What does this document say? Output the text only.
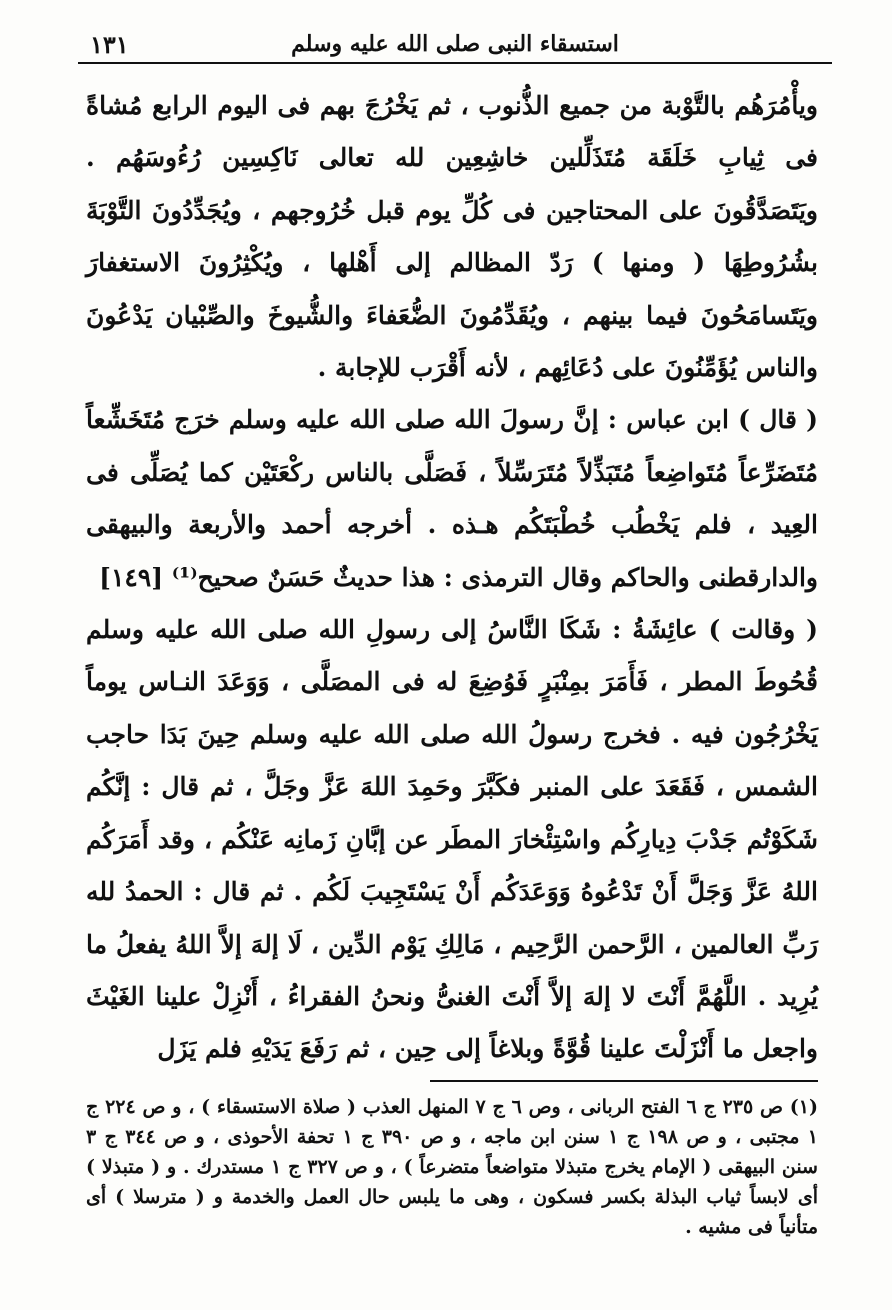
استسقاء النبى صلى الله عليه وسلم
١٣١

ويأْمُرَهُم بالتَّوْبة من جميع الذُّنوب ، ثم يَخْرُجَ بهم فى اليوم الرابع مُشاةً فى ثِيابِ خَلَقَة مُتَذَلِّلين خاشِعِين لله تعالى نَاكِسِين رُءُوسَهُم . ويَتَصَدَّقُونَ على المحتاجين فى كُلِّ يوم قبل خُرُوجهم ، ويُجَدِّدُونَ التَّوْبَةَ بشُرُوطِهَا ( ومنها ) رَدّ المظالم إلى أَهْلها ، ويُكْثِرُونَ الاستغفارَ ويَتَسامَحُونَ فيما بينهم ، ويُقَدِّمُونَ الضُّعَفاءَ والشُّيوخَ والصِّبْيان يَدْعُونَ والناس يُؤَمِّنُونَ على دُعَائِهم ، لأنه أَقْرَب للإجابة .

( قال ) ابن عباس : إنَّ رسولَ الله صلى الله عليه وسلم خرَج مُتَخَشِّعاً مُتَضَرِّعاً مُتَواضِعاً مُتَبَذِّلاً مُتَرَسِّلاً ، فَصَلَّى بالناس ركْعَتَيْن كما يُصَلِّى فى العِيد ، فلم يَخْطُب خُطْبَتَكُم هـذه . أخرجه أحمد والأربعة والبيهقى والدارقطنى والحاكم وقال الترمذى : هذا حديثٌ حَسَنٌ صحيح⁽¹⁾ [١٤٩]

( وقالت ) عائِشَةُ : شَكَا النَّاسُ إلى رسولِ الله صلى الله عليه وسلم قُحُوطَ المطر ، فَأَمَرَ بمِنْبَرٍ فَوُضِعَ له فى المصَلَّى ، وَوَعَدَ النـاس يوماً يَخْرُجُون فيه . فخرج رسولُ الله صلى الله عليه وسلم حِينَ بَدَا حاجب الشمس ، فَقَعَدَ على المنبر فكَبَّرَ وحَمِدَ اللهَ عَزَّ وجَلَّ ، ثم قال : إنَّكُم شَكَوْتُم جَدْبَ دِيارِكُم واسْتِئْخارَ المطَر عن إبَّانِ زَمانِه عَنْكُم ، وقد أَمَرَكُم اللهُ عَزَّ وَجَلَّ أَنْ تَدْعُوهُ وَوَعَدَكُم أَنْ يَسْتَجِيبَ لَكُم . ثم قال : الحمدُ لله رَبِّ العالمين ، الرَّحمن الرَّحِيم ، مَالِكِ يَوْم الدِّين ، لَا إلهَ إلاَّ اللهُ يفعلُ ما يُرِيد . اللَّهُمَّ أَنْتَ لا إلهَ إلاَّ أَنْتَ الغنىُّ ونحنُ الفقراءُ ، أَنْزِلْ علينا الغَيْثَ واجعل ما أَنْزَلْتَ علينا قُوَّةً وبلاغاً إلى حِين ، ثم رَفَعَ يَدَيْهِ فلم يَزَل

(١) ص ٢٣٥ ج ٦ الفتح الربانى ، وص ٦ ج ٧ المنهل العذب ( صلاة الاستسقاء ) ، و ص ٢٢٤ ج ١ مجتبى ، و ص ١٩٨ ج ١ سنن ابن ماجه ، و ص ٣٩٠ ج ١ تحفة الأحوذى ، و ص ٣٤٤ ج ٣ سنن البيهقى ( الإمام يخرج متبذلا متواضعاً متضرعاً ) ، و ص ٣٢٧ ج ١ مستدرك . و ( متبذلا ) أى لابساً ثياب البذلة بكسر فسكون ، وهى ما يلبس حال العمل والخدمة و ( مترسلا ) أى متأنياً فى مشيه .
